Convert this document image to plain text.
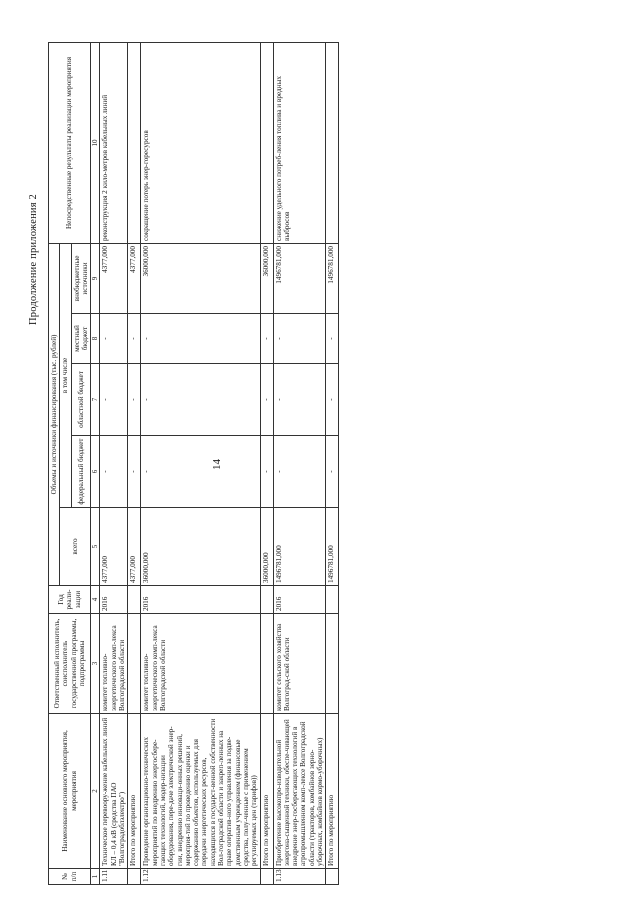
14
Продолжение приложения 2
№ п/п	Наименование основного мероприятия, мероприятия	Ответственный исполнитель, соисполнитель государственной программы, подпрограммы	Год реали-зации	Объемы и источники финансирования (тыс. рублей)					Непосредственные результаты реализации мероприятия
				всего	в том числе				
					федеральный бюджет	областной бюджет	местный бюджет	внебюджетные источники	
1	2	3	4	5	6	7	8	9	10
1.11	Техническое перевоору-жение кабельных линий КЛ – 0,4 кВ (средства ПАО "Волгоградоблэлектро")	комитет топливно-энергетического комп-лекса Волгоградской области	2016	4377,000	-	-	-	4377,000	реконструкция 2 кило-метров кабельных линий
	Итого по мероприятию			4377,000	-	-	-	4377,000	
1.12.	Проведение организационно-технических мероприятий по внедрению энергосбере-гающих технологий, модер-низации оборудования, пере-даче электрической энер-гии, внедрению инноваци-онных решений, мероприя-тий по проведению оценки и содержанию объектов, используемых для передачи энергетических ресурсов, находящихся в государст-венной собственности Вол-гоградской области и закреп-ленных на праве оператив-ного управления за подве-домственным учреждением (финансовые средства, полу-ченные с применением регулируемых цен (тарифов))	комитет топливно-энергетического комп-лекса Волгоградской области	2016	36000,000	-	-	-	36000,000	сокращение потерь энер-горесурсов
	Итого по мероприятию			36000,000	-	-	-	36000,000	
1.13.	Приобретение высокопро-изводительной энергона-сыщенной техники, обеспе-чивающей внедрение энер-госберегающих технологий в агропромышленном комп-лексе Волгоградской области (тракторов, комбайнов зерно-уборочных, комбайнов кормо-уборочных)	комитет сельского хозяйства Волгоград-ской области	2016	1496781,000	-	-	-	1496781,000	снижение удельного потреб-ления топлива и вредных выбросов
	Итого по мероприятию			1496781,000	-	-	-	1496781,000	
